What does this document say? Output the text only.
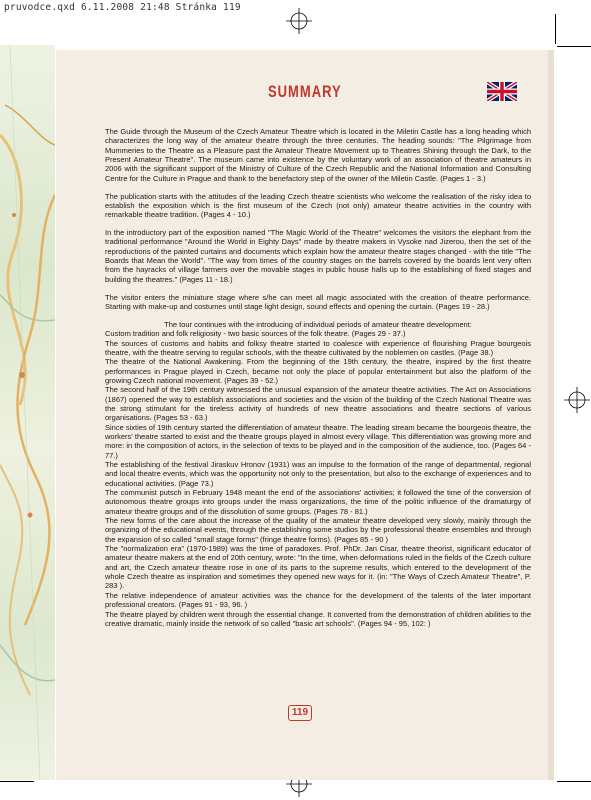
pruvodce.qxd 6.11.2008 21:48 Stránka 119
SUMMARY

The Guide through the Museum of the Czech Amateur Theatre which is located in the Miletin Castle has a long heading which characterizes the long way of the amateur theatre through the three centuries. The heading sounds: "The Pilgrimage from Mummeries to the Theatre as a Pleasure past the Amateur Theatre Movement up to Theatres Shining through the Dark, to the Present Amateur Theatre". The museum came into existence by the voluntary work of an association of theatre amateurs in 2006 with the significant support of the Ministry of Culture of the Czech Republic and the National Information and Consulting Centre for the Culture in Prague and thank to the benefactory step of the owner of the Miletin Castle. (Pages 1 - 3.)

The publication starts with the attitudes of the leading Czech theatre scientists who welcome the realisation of the risky idea to establish the exposition which is the first museum of the Czech (not only) amateur theatre activities in the country with remarkable theatre tradition. (Pages 4 - 10.)

In the introductory part of the exposition named "The Magic World of the Theatre" welcomes the visitors the elephant from the traditional performance "Around the World in Eighty Days" made by theatre makers in Vysoke nad Jizerou, then the set of the reproductions of the painted curtains and documents which explain how the amateur theatre stages changed - with the title "The Boards that Mean the World". "The way from times of the country stages on the barrels covered by the boards lent very often from the hayracks of village farmers over the movable stages in public house halls up to the establishing of fixed stages and building the theatres." (Pages 11 - 18.)

The visitor enters the miniature stage where s/he can meet all magic associated with the creation of theatre performance. Starting with make-up and costumes until stage light design, sound effects and opening the curtain. (Pages 19 - 28.)

The tour continues with the introducing of individual periods of amateur theatre development:

Custom tradition and folk religiosity - two basic sources of the folk theatre. (Pages 29 - 37.)

The sources of customs and habits and folksy theatre started to coalesce with experience of flourishing Prague bourgeois theatre, with the theatre serving to regular schools, with the theatre cultivated by the noblemen on castles. (Page 38.)

The theatre of the National Awakening. From the beginning of the 19th century, the theatre, inspired by the first theatre performances in Prague played in Czech, became not only the place of popular entertainment but also the platform of the growing Czech national movement. (Pages 39 - 52.)

The second half of the 19th century witnessed the unusual expansion of the amateur theatre activities. The Act on Associations (1867) opened the way to establish associations and societies and the vision of the building of the Czech National Theatre was the strong stimulant for the tireless activity of hundreds of new theatre associations and theatre sections of various organisations. (Pages 53 - 63.)

Since sixties of 19th century started the differentiation of amateur theatre. The leading stream became the bourgeois theatre, the workers' theatre started to exist and the theatre groups played in almost every village. This differentiation was growing more and more: in the composition of actors, in the selection of texts to be played and in the composition of the audience, too. (Pages 64 - 77.)

The establishing of the festival Jiraskuv Hronov (1931) was an impulse to the formation of the range of departmental, regional and local theatre events, which was the opportunity not only to the presentation, but also to the exchange of experiences and to educational activities. (Page 73.)

The communist putsch in February 1948 meant the end of the associations' activities; it followed the time of the conversion of autonomous theatre groups into groups under the mass organizations, the time of the politic influence of the dramaturgy of amateur theatre groups and of the dissolution of some groups. (Pages 78 - 81.)

The new forms of the care about the increase of the quality of the amateur theatre developed very slowly, mainly through the organizing of the educational events, through the establishing some studios by the professional theatre ensembles and through the expansion of so called "small stage forms" (fringe theatre forms). (Pages 85 - 90 )

The "normalization era" (1970-1989) was the time of paradoxes. Prof. PhDr. Jan Cisar, theatre theorist, significant educator of amateur theatre makers at the end of 20th century, wrote: "In the time, when deformations ruled in the fields of the Czech culture and art, the Czech amateur theatre rose in one of its parts to the supreme results, which entered to the development of the whole Czech theatre as inspiration and sometimes they opened new ways for it. (in: "The Ways of Czech Amateur Theatre", P. 283 ).

The relative independence of amateur activities was the chance for the development of the talents of the later important professional creators. (Pages 91 - 93, 96. )

The theatre played by children went through the essential change. It converted from the demonstration of children abilities to the creative dramatic, mainly inside the network of so called "basic art schools". (Pages 94 - 95, 102: )

119
